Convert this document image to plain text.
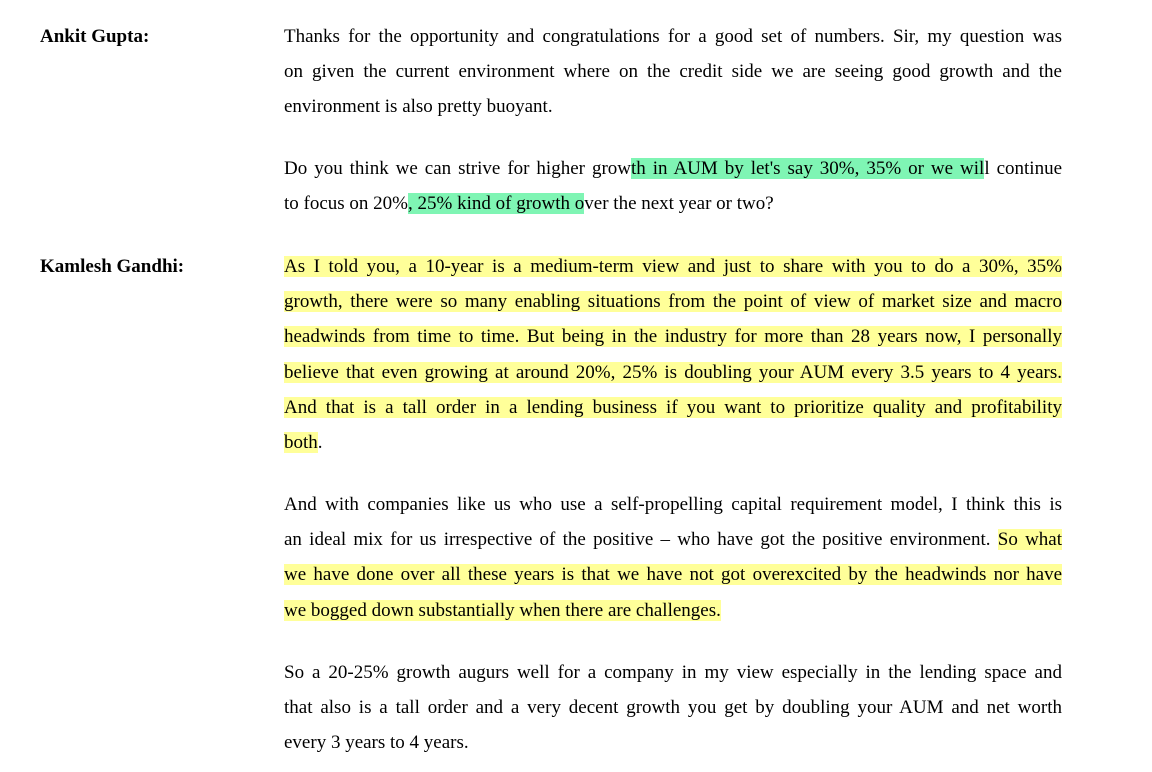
Ankit Gupta:	Thanks for the opportunity and congratulations for a good set of numbers. Sir, my question was
on given the current environment where on the credit side we are seeing good growth and the
environment is also pretty buoyant.
Do you think we can strive for higher growth in AUM by let's say 30%, 35% or we will continue
to focus on 20%, 25% kind of growth over the next year or two?
Kamlesh Gandhi:	As I told you, a 10-year is a medium-term view and just to share with you to do a 30%, 35%
growth, there were so many enabling situations from the point of view of market size and macro
headwinds from time to time. But being in the industry for more than 28 years now, I personally
believe that even growing at around 20%, 25% is doubling your AUM every 3.5 years to 4 years.
And that is a tall order in a lending business if you want to prioritize quality and profitability
both.
And with companies like us who use a self-propelling capital requirement model, I think this is
an ideal mix for us irrespective of the positive – who have got the positive environment. So what
we have done over all these years is that we have not got overexcited by the headwinds nor have
we bogged down substantially when there are challenges.
So a 20-25% growth augurs well for a company in my view especially in the lending space and
that also is a tall order and a very decent growth you get by doubling your AUM and net worth
every 3 years to 4 years.
